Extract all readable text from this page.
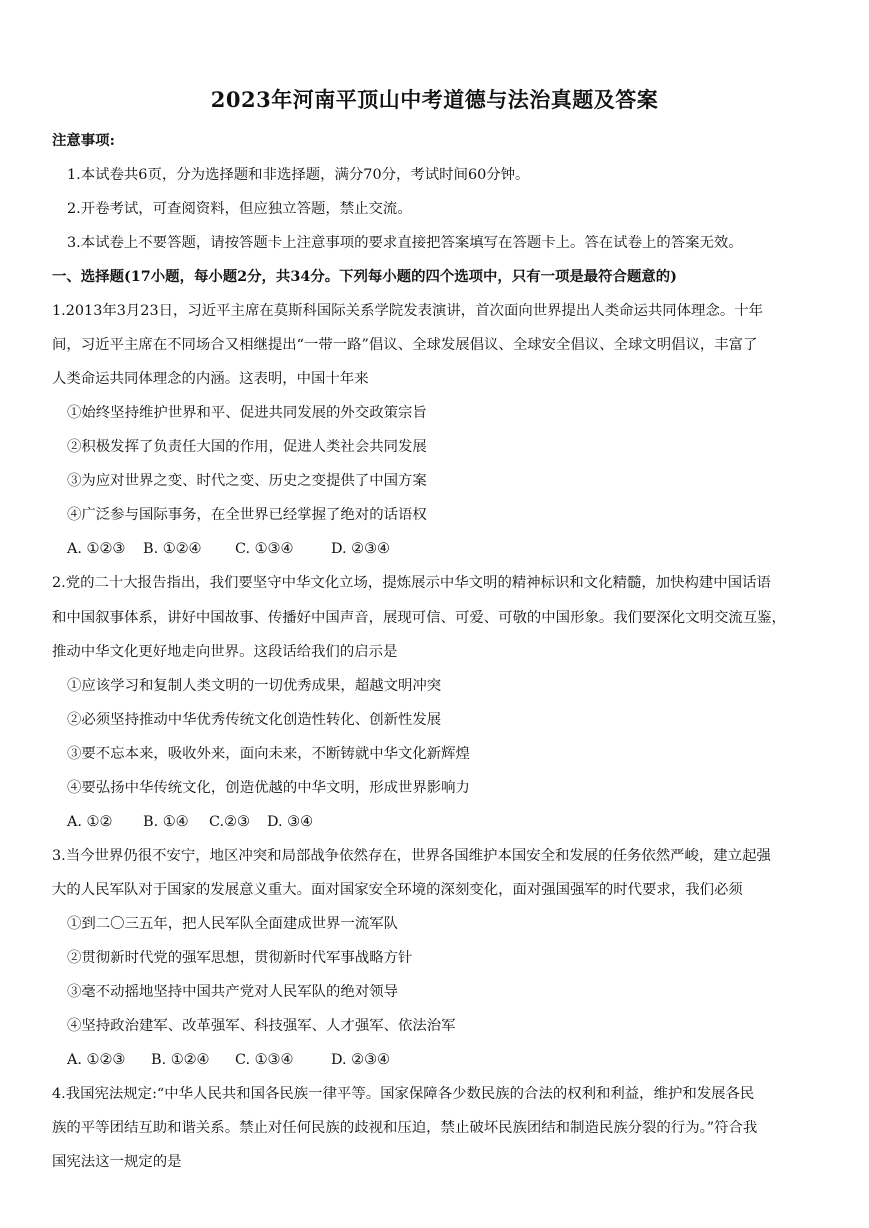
2023年河南平顶山中考道德与法治真题及答案
注意事项:
1.本试卷共6页，分为选择题和非选择题，满分70分，考试时间60分钟。
2.开卷考试，可查阅资料，但应独立答题，禁止交流。
3.本试卷上不要答题，请按答题卡上注意事项的要求直接把答案填写在答题卡上。答在试卷上的答案无效。
一、选择题(17小题，每小题2分，共34分。下列每小题的四个选项中，只有一项是最符合题意的)
1.2013年3月23日，习近平主席在莫斯科国际关系学院发表演讲，首次面向世界提出人类命运共同体理念。十年
间，习近平主席在不同场合又相继提出“一带一路”倡议、全球发展倡议、全球安全倡议、全球文明倡议，丰富了
人类命运共同体理念的内涵。这表明，中国十年来
①始终坚持维护世界和平、促进共同发展的外交政策宗旨
②积极发挥了负责任大国的作用，促进人类社会共同发展
③为应对世界之变、时代之变、历史之变提供了中国方案
④广泛参与国际事务，在全世界已经掌握了绝对的话语权
A. ①②③ B. ①②④ C. ①③④	D. ②③④
2.党的二十大报告指出，我们要坚守中华文化立场，提炼展示中华文明的精神标识和文化精髓，加快构建中国话语
和中国叙事体系，讲好中国故事、传播好中国声音，展现可信、可爱、可敬的中国形象。我们要深化文明交流互鉴，
推动中华文化更好地走向世界。这段话给我们的启示是
①应该学习和复制人类文明的一切优秀成果，超越文明冲突
②必须坚持推动中华优秀传统文化创造性转化、创新性发展
③要不忘本来，吸收外来，面向未来，不断铸就中华文化新辉煌
④要弘扬中华传统文化，创造优越的中华文明，形成世界影响力
A. ①② B. ①④ C.②③ D. ③④
3.当今世界仍很不安宁，地区冲突和局部战争依然存在，世界各国维护本国安全和发展的任务依然严峻，建立起强
大的人民军队对于国家的发展意义重大。面对国家安全环境的深刻变化，面对强国强军的时代要求，我们必须
①到二〇三五年，把人民军队全面建成世界一流军队
②贯彻新时代党的强军思想，贯彻新时代军事战略方针
③毫不动摇地坚持中国共产党对人民军队的绝对领导
④坚持政治建军、改革强军、科技强军、人才强军、依法治军
A. ①②③ B. ①②④ C. ①③④	D. ②③④
4.我国宪法规定:“中华人民共和国各民族一律平等。国家保障各少数民族的合法的权利和利益，维护和发展各民
族的平等团结互助和谐关系。禁止对任何民族的歧视和压迫，禁止破坏民族团结和制造民族分裂的行为。”符合我
国宪法这一规定的是
